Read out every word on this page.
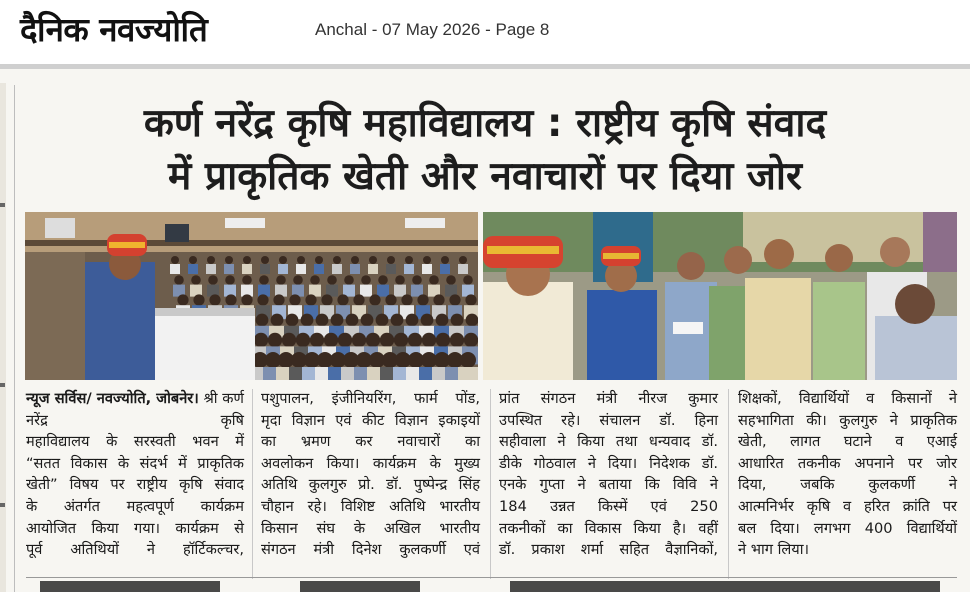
दैनिक नवज्योति	Anchal - 07 May 2026 - Page 8
कर्ण नरेंद्र कृषि महाविद्यालय : राष्ट्रीय कृषि संवाद
में प्राकृतिक खेती और नवाचारों पर दिया जोर
न्यूज सर्विस/ नवज्योति, जोबनेर। श्री कर्ण नरेंद्र कृषि
महाविद्यालय के सरस्वती भवन में
“सतत विकास के संदर्भ में प्राकृतिक
खेती” विषय पर राष्ट्रीय कृषि संवाद
के अंतर्गत महत्वपूर्ण कार्यक्रम
आयोजित किया गया। कार्यक्रम से
पूर्व अतिथियों ने हॉर्टिकल्चर,
पशुपालन, इंजीनियरिंग, फार्म पोंड,
मृदा विज्ञान एवं कीट विज्ञान इकाइयों
का भ्रमण कर नवाचारों का
अवलोकन किया। कार्यक्रम के मुख्य
अतिथि कुलगुरु प्रो. डॉ. पुष्पेन्द्र सिंह
चौहान रहे। विशिष्ट अतिथि भारतीय
किसान संघ के अखिल भारतीय
संगठन मंत्री दिनेश कुलकर्णी एवं
प्रांत संगठन मंत्री नीरज कुमार
उपस्थित रहे। संचालन डॉ. हिना
सहीवाला ने किया तथा धन्यवाद डॉ.
डीके गोठवाल ने दिया। निदेशक डॉ.
एनके गुप्ता ने बताया कि विवि ने
184 उन्नत किस्में एवं 250
तकनीकों का विकास किया है। वहीं
डॉ. प्रकाश शर्मा सहित वैज्ञानिकों,
शिक्षकों, विद्यार्थियों व किसानों ने
सहभागिता की। कुलगुरु ने प्राकृतिक
खेती, लागत घटाने व एआई
आधारित तकनीक अपनाने पर जोर
दिया, जबकि कुलकर्णी ने
आत्मनिर्भर कृषि व हरित क्रांति पर
बल दिया। लगभग 400 विद्यार्थियों
ने भाग लिया।
